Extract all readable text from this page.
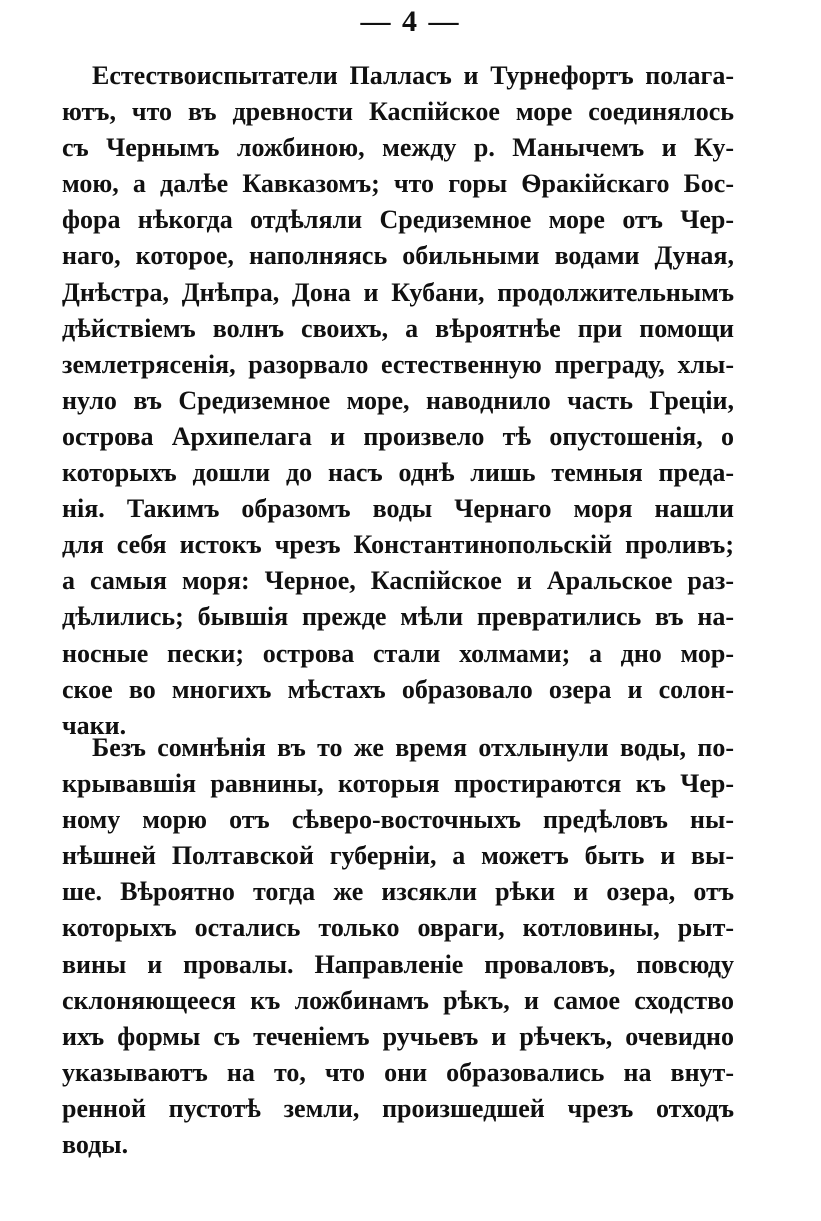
— 4 —
Естествоиспытатели Палласъ и Турнефортъ полага-
ютъ, что въ древности Каспійское море соединялось
съ Чернымъ ложбиною, между р. Манычемъ и Ку-
мою, а далѣе Кавказомъ; что горы Ѳракійскаго Бос-
фора нѣкогда отдѣляли Средиземное море отъ Чер-
наго, которое, наполняясь обильными водами Дуная,
Днѣстра, Днѣпра, Дона и Кубани, продолжительнымъ
дѣйствіемъ волнъ своихъ, а вѣроятнѣе при помощи
землетрясенія, разорвало естественную преграду, хлы-
нуло въ Средиземное море, наводнило часть Греціи,
острова Архипелага и произвело тѣ опустошенія, о
которыхъ дошли до насъ однѣ лишь темныя преда-
нія. Такимъ образомъ воды Чернаго моря нашли
для себя истокъ чрезъ Константинопольскій проливъ;
а самыя моря: Черное, Каспійское и Аральское раз-
дѣлились; бывшія прежде мѣли превратились въ на-
носные пески; острова стали холмами; а дно мор-
ское во многихъ мѣстахъ образовало озера и солон-
чаки.
Безъ сомнѣнія въ то же время отхлынули воды, по-
крывавшія равнины, которыя простираются къ Чер-
ному морю отъ сѣверо-восточныхъ предѣловъ ны-
нѣшней Полтавской губерніи, а можетъ быть и вы-
ше. Вѣроятно тогда же изсякли рѣки и озера, отъ
которыхъ остались только овраги, котловины, рыт-
вины и провалы. Направленіе проваловъ, повсюду
склоняющееся къ ложбинамъ рѣкъ, и самое сходство
ихъ формы съ теченіемъ ручьевъ и рѣчекъ, очевидно
указываютъ на то, что они образовались на внут-
ренной пустотѣ земли, произшедшей чрезъ отходъ
воды.
